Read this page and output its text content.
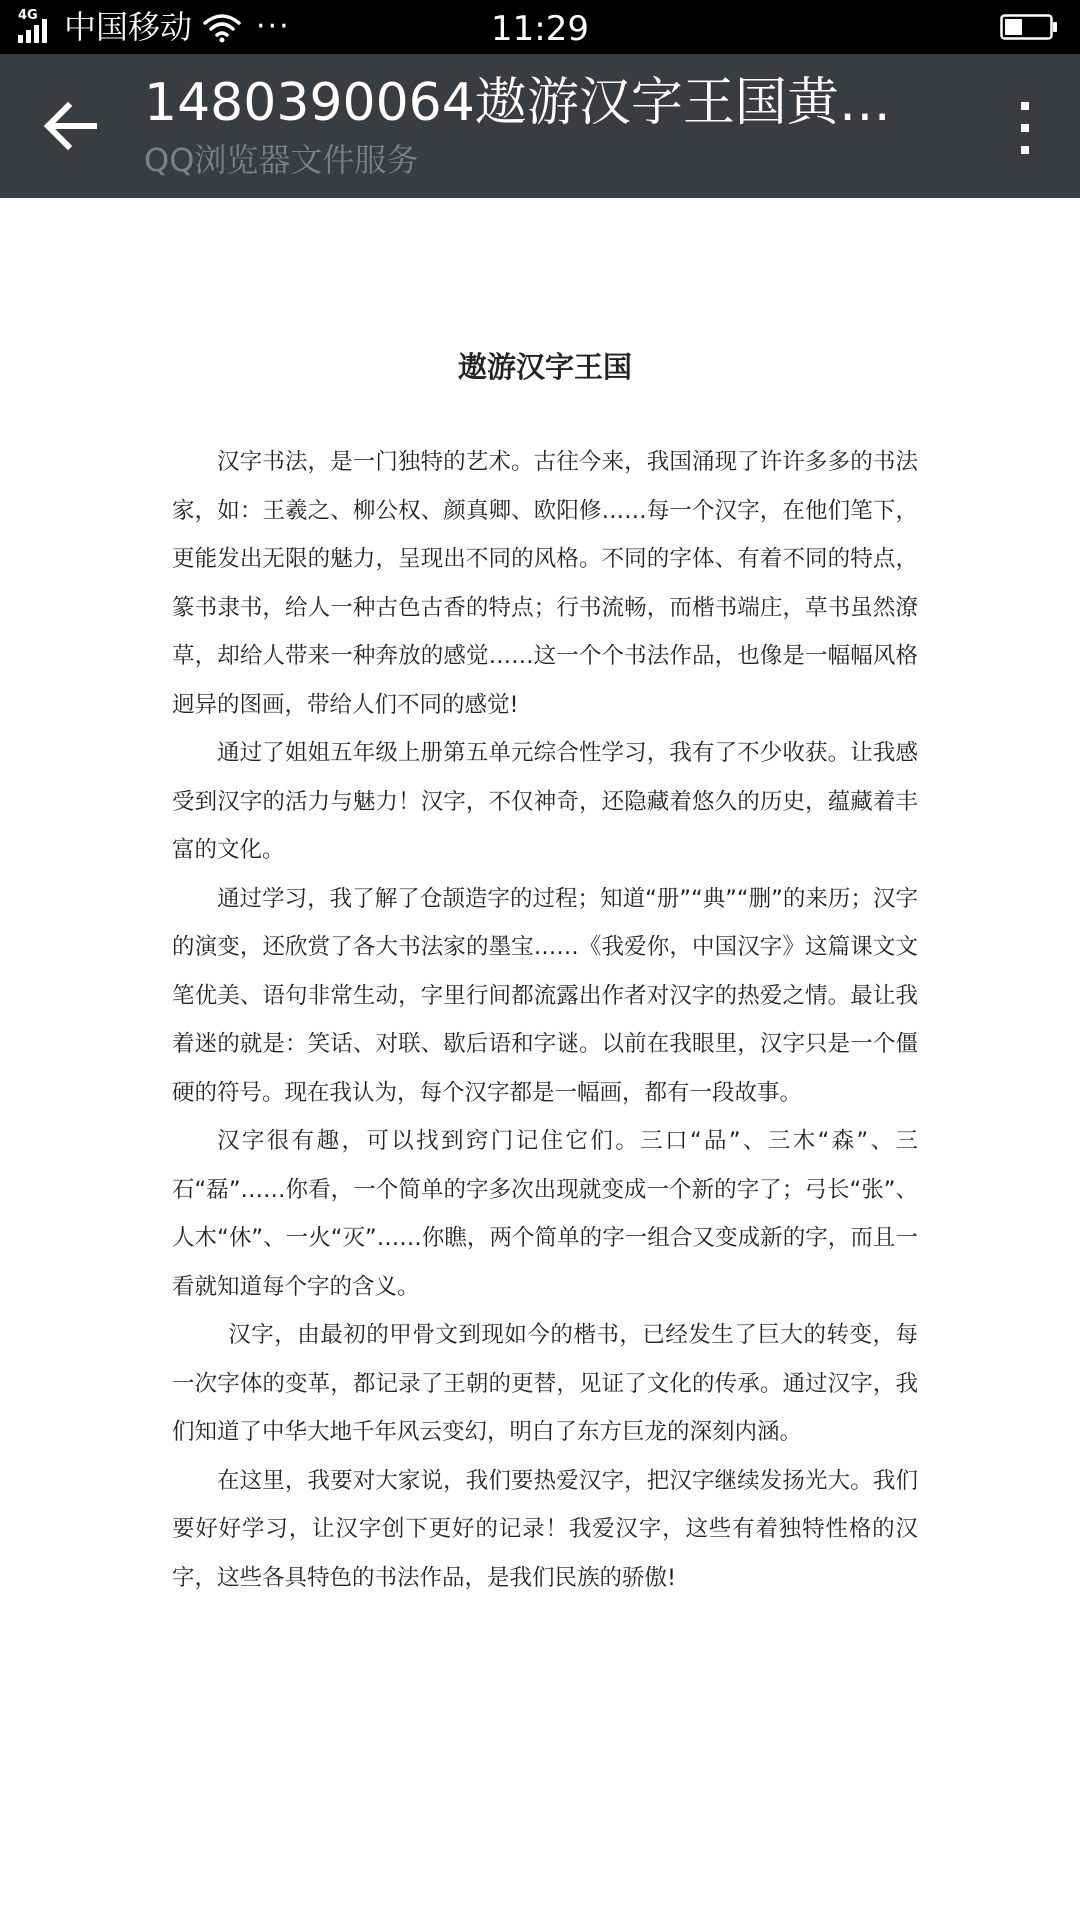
4G 中国移动 ···	11:29
1480390064遨游汉字王国黄…
QQ浏览器文件服务
遨游汉字王国

汉字书法，是一门独特的艺术。古往今来，我国涌现了许许多多的书法家，如：王羲之、柳公权、颜真卿、欧阳修……每一个汉字，在他们笔下，更能发出无限的魅力，呈现出不同的风格。不同的字体、有着不同的特点，篆书隶书，给人一种古色古香的特点；行书流畅，而楷书端庄，草书虽然潦草，却给人带来一种奔放的感觉……这一个个书法作品，也像是一幅幅风格迥异的图画，带给人们不同的感觉!

通过了姐姐五年级上册第五单元综合性学习，我有了不少收获。让我感受到汉字的活力与魅力！汉字，不仅神奇，还隐藏着悠久的历史，蕴藏着丰富的文化。

通过学习，我了解了仓颉造字的过程；知道“册”“典”“删”的来历；汉字的演变，还欣赏了各大书法家的墨宝……《我爱你，中国汉字》这篇课文文笔优美、语句非常生动，字里行间都流露出作者对汉字的热爱之情。最让我着迷的就是：笑话、对联、歇后语和字谜。以前在我眼里，汉字只是一个僵硬的符号。现在我认为，每个汉字都是一幅画，都有一段故事。

汉字很有趣，可以找到窍门记住它们。三口“品”、三木“森”、三石“磊”……你看，一个简单的字多次出现就变成一个新的字了；弓长“张”、人木“休”、一火“灭”……你瞧，两个简单的字一组合又变成新的字，而且一看就知道每个字的含义。

汉字，由最初的甲骨文到现如今的楷书，已经发生了巨大的转变，每一次字体的变革，都记录了王朝的更替，见证了文化的传承。通过汉字，我们知道了中华大地千年风云变幻，明白了东方巨龙的深刻内涵。

在这里，我要对大家说，我们要热爱汉字，把汉字继续发扬光大。我们要好好学习，让汉字创下更好的记录！我爱汉字，这些有着独特性格的汉字，这些各具特色的书法作品，是我们民族的骄傲!
